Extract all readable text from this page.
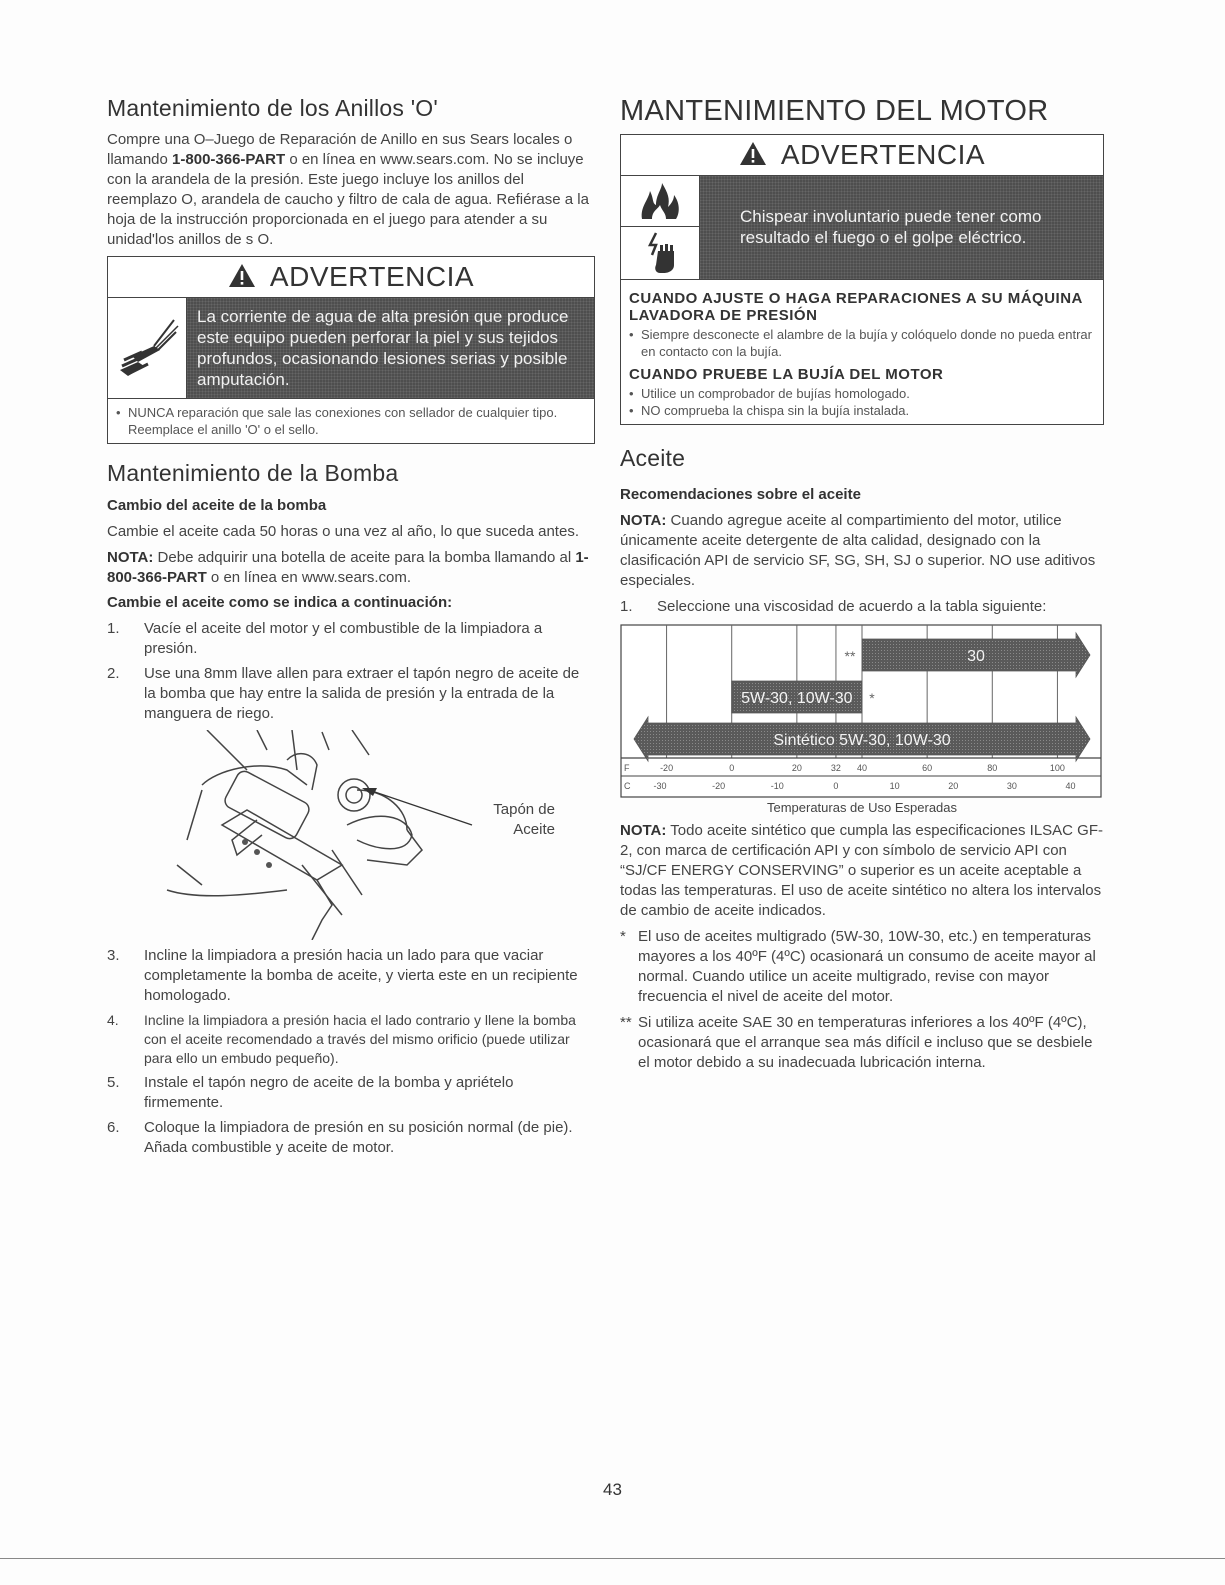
Mantenimiento de los Anillos 'O'

Compre una O–Juego de Reparación de Anillo en sus Sears locales o llamando 1-800-366-PART o en línea en www.sears.com. No se incluye con la arandela de la presión. Este juego incluye los anillos del reemplazo O, arandela de caucho y filtro de cala de agua. Refiérase a la hoja de la instrucción proporcionada en el juego para atender a su unidad'los anillos de s O.

ADVERTENCIA
La corriente de agua de alta presión que produce este equipo pueden perforar la piel y sus tejidos profundos, ocasionando lesiones serias y posible amputación.
• NUNCA reparación que sale las conexiones con sellador de cualquier tipo. Reemplace el anillo 'O' o el sello.
Mantenimiento de la Bomba
Cambio del aceite de la bomba

Cambie el aceite cada 50 horas o una vez al año, lo que suceda antes.

NOTA: Debe adquirir una botella de aceite para la bomba llamando al 1-800-366-PART o en línea en www.sears.com.

Cambie el aceite como se indica a continuación:
1.	Vacíe el aceite del motor y el combustible de la limpiadora a presión.
2.	Use una 8mm llave allen para extraer el tapón negro de aceite de la bomba que hay entre la salida de presión y la entrada de la manguera de riego.
Tapón de Aceite
3.	Incline la limpiadora a presión hacia un lado para que vaciar completamente la bomba de aceite, y vierta este en un recipiente homologado.
4.	Incline la limpiadora a presión hacia el lado contrario y llene la bomba con el aceite recomendado a través del mismo orificio (puede utilizar para ello un embudo pequeño).
5.	Instale el tapón negro de aceite de la bomba y apriételo firmemente.
6.	Coloque la limpiadora de presión en su posición normal (de pie). Añada combustible y aceite de motor.
MANTENIMIENTO DEL MOTOR
ADVERTENCIA
Chispear involuntario puede tener como resultado el fuego o el golpe eléctrico.
CUANDO AJUSTE O HAGA REPARACIONES A SU MÁQUINA LAVADORA DE PRESIÓN
• Siempre desconecte el alambre de la bujía y colóquelo donde no pueda entrar en contacto con la bujía.
CUANDO PRUEBE LA BUJÍA DEL MOTOR
• Utilice un comprobador de bujías homologado.
• NO comprueba la chispa sin la bujía instalada.
Aceite
Recomendaciones sobre el aceite

NOTA: Cuando agregue aceite al compartimiento del motor, utilice únicamente aceite detergente de alta calidad, designado con la clasificación API de servicio SF, SG, SH, SJ o superior. NO use aditivos especiales.

1.	Seleccione una viscosidad de acuerdo a la tabla siguiente:
30
**
5W-30, 10W-30 *
Sintético 5W-30, 10W-30
F
C
-20	0	20	32 40	60	80	100
-30	-20	-10	0	10	20	30	40
Temperaturas de Uso Esperadas

NOTA: Todo aceite sintético que cumpla las especificaciones ILSAC GF-2, con marca de certificación API y con símbolo de servicio API con “SJ/CF ENERGY CONSERVING” o superior es un aceite aceptable a todas las temperaturas. El uso de aceite sintético no altera los intervalos de cambio de aceite indicados.

* El uso de aceites multigrado (5W-30, 10W-30, etc.) en temperaturas mayores a los 40ºF (4ºC) ocasionará un consumo de aceite mayor al normal. Cuando utilice un aceite multigrado, revise con mayor frecuencia el nivel de aceite del motor.
** Si utiliza aceite SAE 30 en temperaturas inferiores a los 40ºF (4ºC), ocasionará que el arranque sea más difícil e incluso que se desbiele el motor debido a su inadecuada lubricación interna.
43
